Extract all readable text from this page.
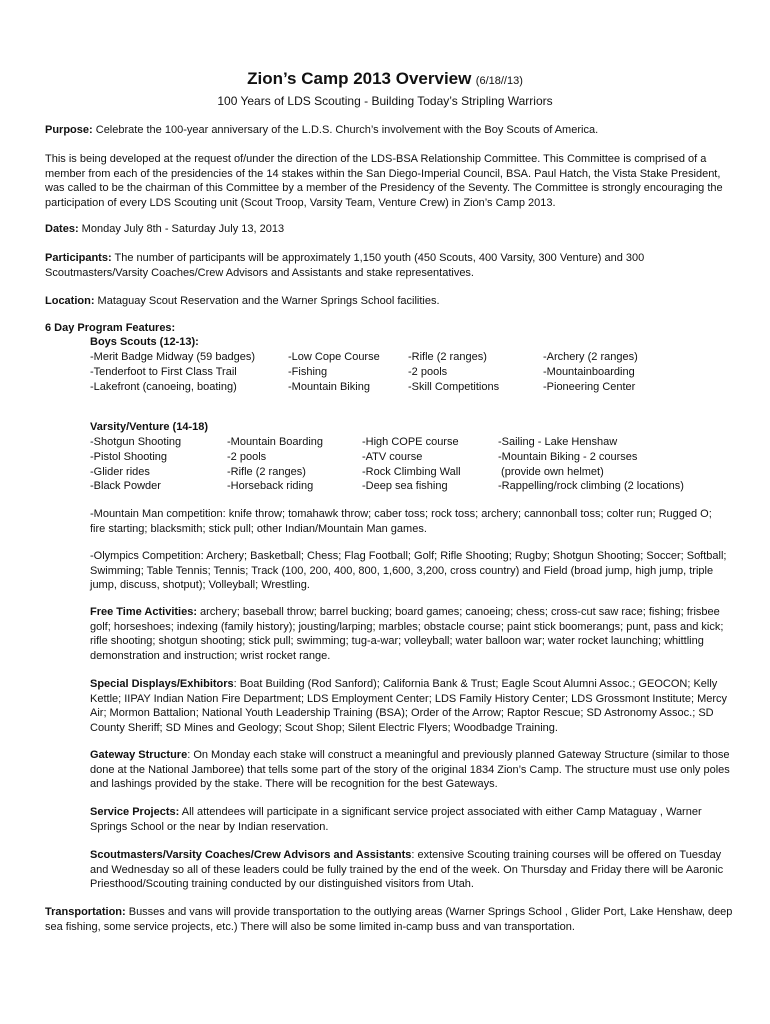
Zion’s Camp 2013 Overview (6/18//13)
100 Years of LDS Scouting - Building Today’s Stripling Warriors

Purpose: Celebrate the 100-year anniversary of the L.D.S. Church’s involvement with the Boy Scouts of America.

This is being developed at the request of/under the direction of the LDS-BSA Relationship Committee. This Committee is comprised of a member from each of the presidencies of the 14 stakes within the San Diego-Imperial Council, BSA. Paul Hatch, the Vista Stake President, was called to be the chairman of this Committee by a member of the Presidency of the Seventy. The Committee is strongly encouraging the participation of every LDS Scouting unit (Scout Troop, Varsity Team, Venture Crew) in Zion’s Camp 2013.

Dates: Monday July 8th - Saturday July 13, 2013

Participants: The number of participants will be approximately 1,150 youth (450 Scouts, 400 Varsity, 300 Venture) and 300 Scoutmasters/Varsity Coaches/Crew Advisors and Assistants and stake representatives.

Location: Mataguay Scout Reservation and the Warner Springs School facilities.

6 Day Program Features:
Boys Scouts (12-13):
-Merit Badge Midway (59 badges)
-Tenderfoot to First Class Trail
-Lakefront (canoeing, boating)
-Low Cope Course
-Fishing
-Mountain Biking
-Rifle (2 ranges)
-2 pools
-Skill Competitions
-Archery (2 ranges)
-Mountainboarding
-Pioneering Center
Varsity/Venture (14-18)
-Shotgun Shooting
-Pistol Shooting
-Glider rides
-Black Powder
-Mountain Boarding
-2 pools
-Rifle (2 ranges)
-Horseback riding
-High COPE course
-ATV course
-Rock Climbing Wall
-Deep sea fishing
-Sailing - Lake Henshaw
-Mountain Biking - 2 courses
(provide own helmet)
-Rappelling/rock climbing (2 locations)

-Mountain Man competition: knife throw; tomahawk throw; caber toss; rock toss; archery; cannonball toss; colter run; Rugged O; fire starting; blacksmith; stick pull; other Indian/Mountain Man games.

-Olympics Competition: Archery; Basketball; Chess; Flag Football; Golf; Rifle Shooting; Rugby; Shotgun Shooting; Soccer; Softball; Swimming; Table Tennis; Tennis; Track (100, 200, 400, 800, 1,600, 3,200, cross country) and Field (broad jump, high jump, triple jump, discuss, shotput); Volleyball; Wrestling.

Free Time Activities: archery; baseball throw; barrel bucking; board games; canoeing; chess; cross-cut saw race; fishing; frisbee golf; horseshoes; indexing (family history); jousting/larping; marbles; obstacle course; paint stick boomerangs; punt, pass and kick; rifle shooting; shotgun shooting; stick pull; swimming; tug-a-war; volleyball; water balloon war; water rocket launching; whittling demonstration and instruction; wrist rocket range.

Special Displays/Exhibitors: Boat Building (Rod Sanford); California Bank & Trust; Eagle Scout Alumni Assoc.; GEOCON; Kelly Kettle; IIPAY Indian Nation Fire Department; LDS Employment Center; LDS Family History Center; LDS Grossmont Institute; Mercy Air; Mormon Battalion; National Youth Leadership Training (BSA); Order of the Arrow; Raptor Rescue; SD Astronomy Assoc.; SD County Sheriff; SD Mines and Geology; Scout Shop; Silent Electric Flyers; Woodbadge Training.

Gateway Structure: On Monday each stake will construct a meaningful and previously planned Gateway Structure (similar to those done at the National Jamboree) that tells some part of the story of the original 1834 Zion’s Camp. The structure must use only poles and lashings provided by the stake. There will be recognition for the best Gateways.

Service Projects: All attendees will participate in a significant service project associated with either Camp Mataguay , Warner Springs School or the near by Indian reservation.

Scoutmasters/Varsity Coaches/Crew Advisors and Assistants: extensive Scouting training courses will be offered on Tuesday and Wednesday so all of these leaders could be fully trained by the end of the week. On Thursday and Friday there will be Aaronic Priesthood/Scouting training conducted by our distinguished visitors from Utah.

Transportation: Busses and vans will provide transportation to the outlying areas (Warner Springs School , Glider Port, Lake Henshaw, deep sea fishing, some service projects, etc.) There will also be some limited in-camp buss and van transportation.
